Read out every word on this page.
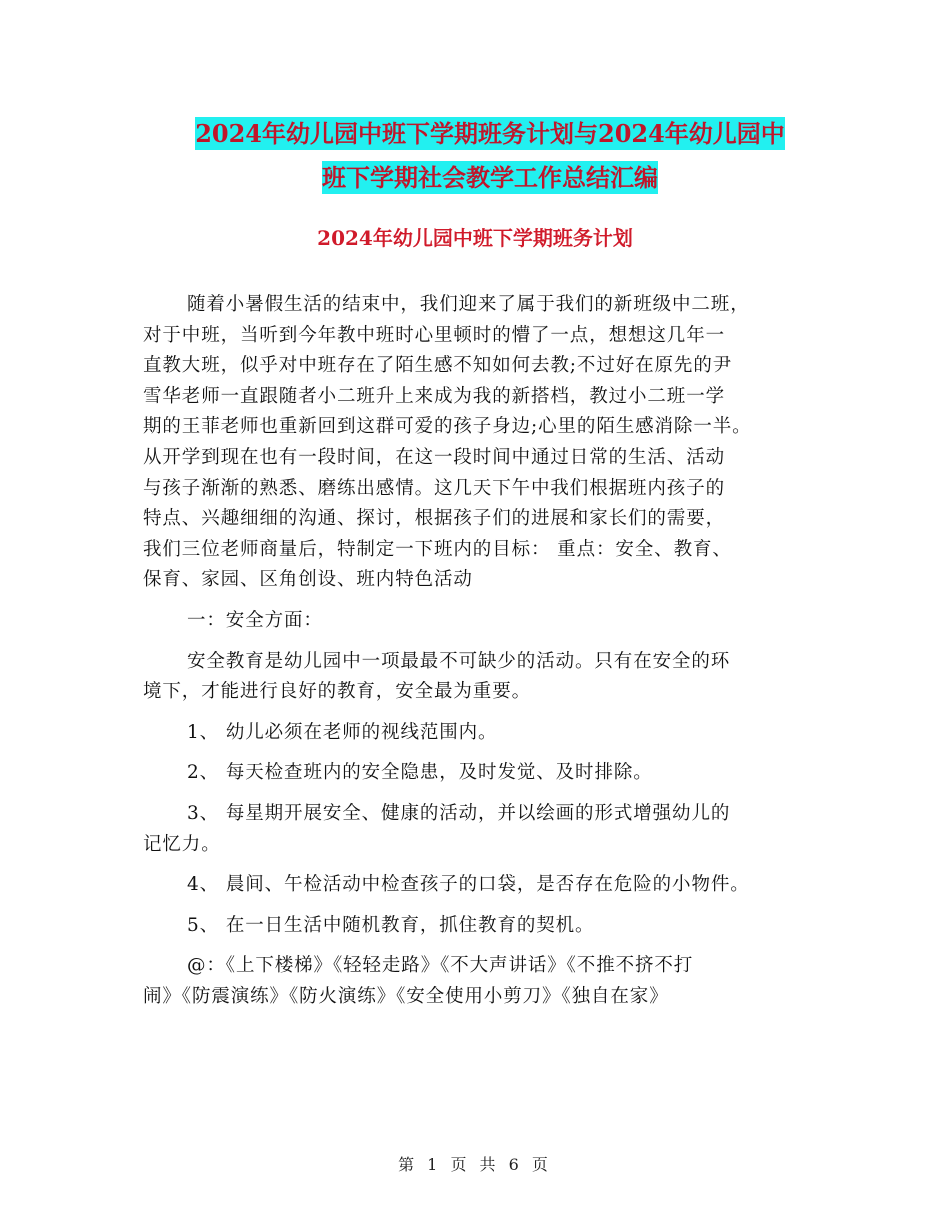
2024年幼儿园中班下学期班务计划与2024年幼儿园中
班下学期社会教学工作总结汇编
2024年幼儿园中班下学期班务计划
随着小暑假生活的结束中，我们迎来了属于我们的新班级中二班，
对于中班，当听到今年教中班时心里顿时的懵了一点，想想这几年一
直教大班，似乎对中班存在了陌生感不知如何去教;不过好在原先的尹
雪华老师一直跟随者小二班升上来成为我的新搭档，教过小二班一学
期的王菲老师也重新回到这群可爱的孩子身边;心里的陌生感消除一半。
从开学到现在也有一段时间，在这一段时间中通过日常的生活、活动
与孩子渐渐的熟悉、磨练出感情。这几天下午中我们根据班内孩子的
特点、兴趣细细的沟通、探讨，根据孩子们的进展和家长们的需要，
我们三位老师商量后，特制定一下班内的目标： 重点：安全、教育、
保育、家园、区角创设、班内特色活动
一：安全方面：
安全教育是幼儿园中一项最最不可缺少的活动。只有在安全的环
境下，才能进行良好的教育，安全最为重要。
1、 幼儿必须在老师的视线范围内。
2、 每天检查班内的安全隐患，及时发觉、及时排除。
3、 每星期开展安全、健康的活动，并以绘画的形式增强幼儿的
记忆力。
4、 晨间、午检活动中检查孩子的口袋，是否存在危险的小物件。
5、 在一日生活中随机教育，抓住教育的契机。
@：《上下楼梯》《轻轻走路》《不大声讲话》《不推不挤不打
闹》《防震演练》《防火演练》《安全使用小剪刀》《独自在家》
第 1 页 共 6 页
